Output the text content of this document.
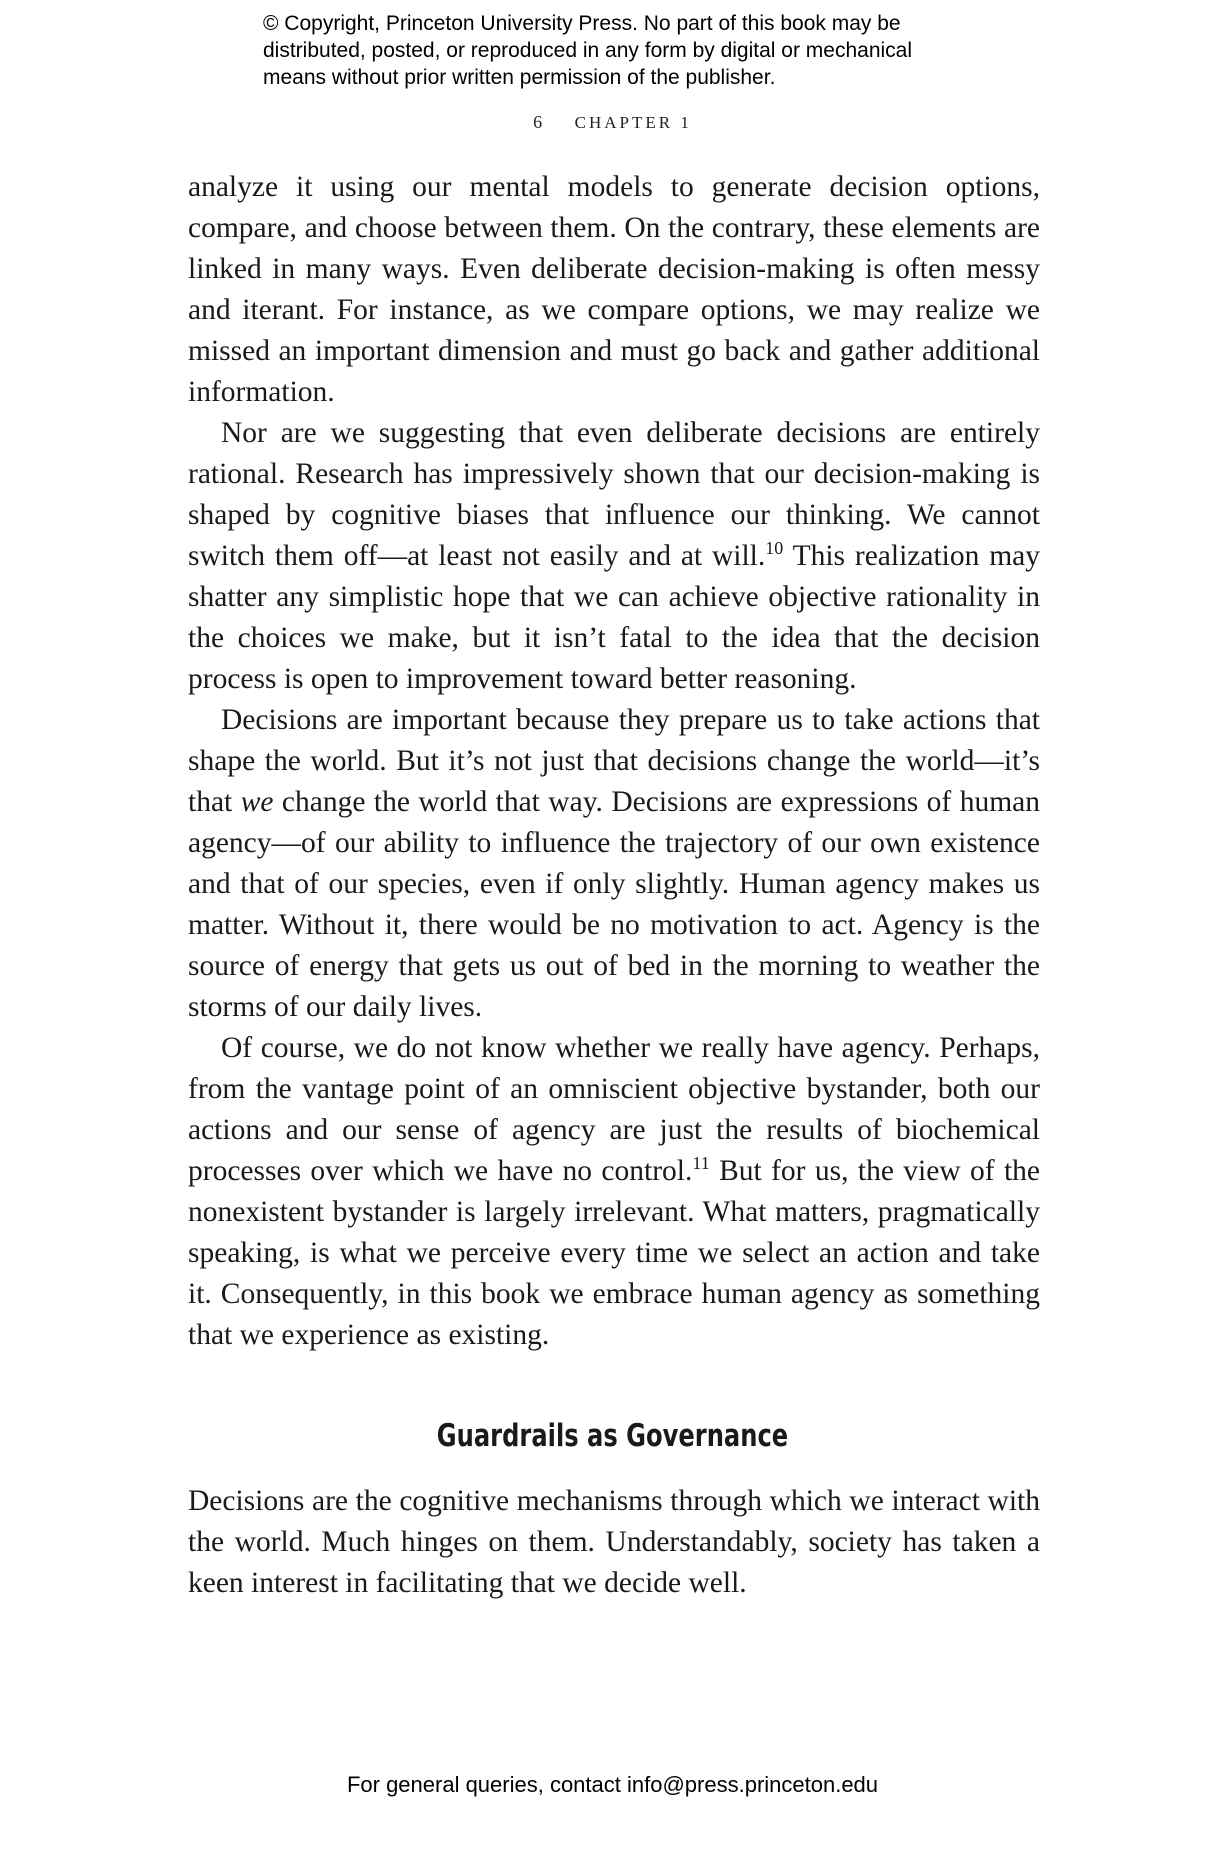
© Copyright, Princeton University Press. No part of this book may be
distributed, posted, or reproduced in any form by digital or mechanical
means without prior written permission of the publisher.
6 CHAPTER 1

analyze it using our mental models to generate decision options, compare, and choose between them. On the contrary, these elements are linked in many ways. Even deliberate decision-making is often messy and iterant. For instance, as we compare options, we may realize we missed an important dimension and must go back and gather additional information.

Nor are we suggesting that even deliberate decisions are entirely rational. Research has impressively shown that our decision-making is shaped by cognitive biases that influence our thinking. We cannot switch them off—at least not easily and at will.$^{10}$ This realization may shatter any simplistic hope that we can achieve objective rationality in the choices we make, but it isn’t fatal to the idea that the decision process is open to improvement toward better reasoning.

Decisions are important because they prepare us to take actions that shape the world. But it’s not just that decisions change the world—it’s that we change the world that way. Decisions are expressions of human agency—of our ability to influence the trajectory of our own existence and that of our species, even if only slightly. Human agency makes us matter. Without it, there would be no motivation to act. Agency is the source of energy that gets us out of bed in the morning to weather the storms of our daily lives.

Of course, we do not know whether we really have agency. Perhaps, from the vantage point of an omniscient objective bystander, both our actions and our sense of agency are just the results of biochemical processes over which we have no control.$^{11}$ But for us, the view of the nonexistent bystander is largely irrelevant. What matters, pragmatically speaking, is what we perceive every time we select an action and take it. Consequently, in this book we embrace human agency as something that we experience as existing.

Guardrails as Governance

Decisions are the cognitive mechanisms through which we interact with the world. Much hinges on them. Understandably, society has taken a keen interest in facilitating that we decide well.

For general queries, contact info@press.princeton.edu
